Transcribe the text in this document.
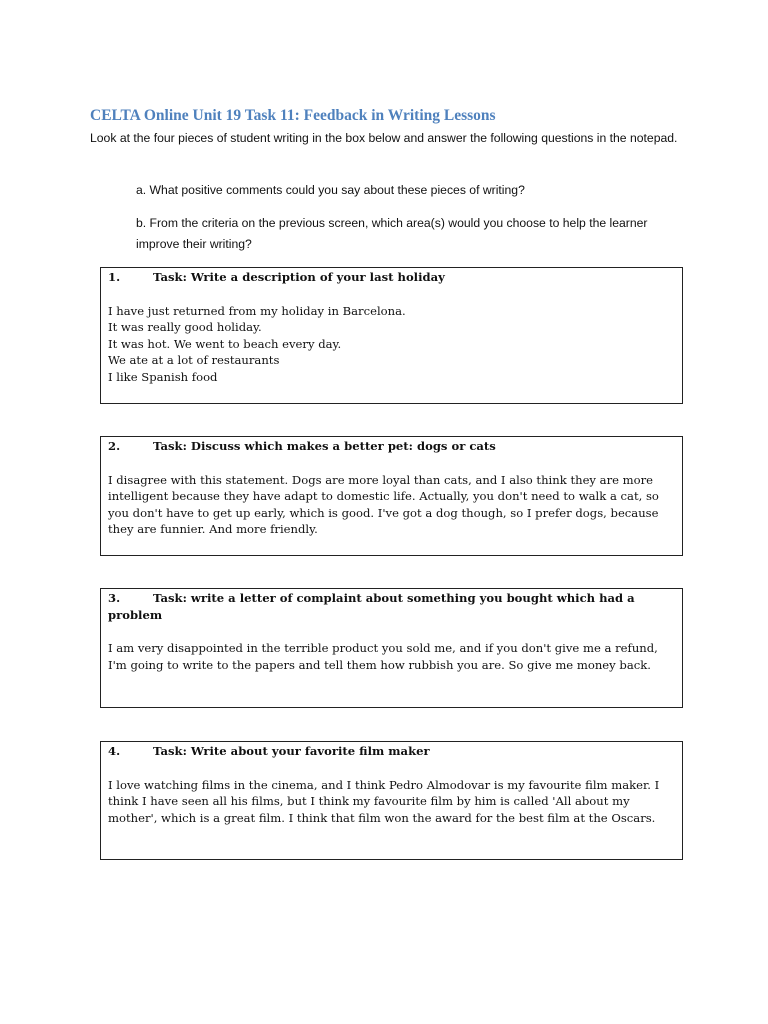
CELTA Online Unit 19 Task 11: Feedback in Writing Lessons

Look at the four pieces of student writing in the box below and answer the following questions in the notepad.

a. What positive comments could you say about these pieces of writing?

b. From the criteria on the previous screen, which area(s) would you choose to help the learner improve their writing?

1.	Task: Write a description of your last holiday

I have just returned from my holiday in Barcelona.
It was really good holiday.
It was hot. We went to beach every day.
We ate at a lot of restaurants
I like Spanish food

2.	Task: Discuss which makes a better pet: dogs or cats

I disagree with this statement. Dogs are more loyal than cats, and I also think they are more intelligent because they have adapt to domestic life. Actually, you don't need to walk a cat, so you don't have to get up early, which is good. I've got a dog though, so I prefer dogs, because they are funnier. And more friendly.

3.	Task: write a letter of complaint about something you bought which had a problem

I am very disappointed in the terrible product you sold me, and if you don't give me a refund, I'm going to write to the papers and tell them how rubbish you are. So give me money back.

4.	Task: Write about your favorite film maker

I love watching films in the cinema, and I think Pedro Almodovar is my favourite film maker. I think I have seen all his films, but I think my favourite film by him is called 'All about my mother', which is a great film. I think that film won the award for the best film at the Oscars.
